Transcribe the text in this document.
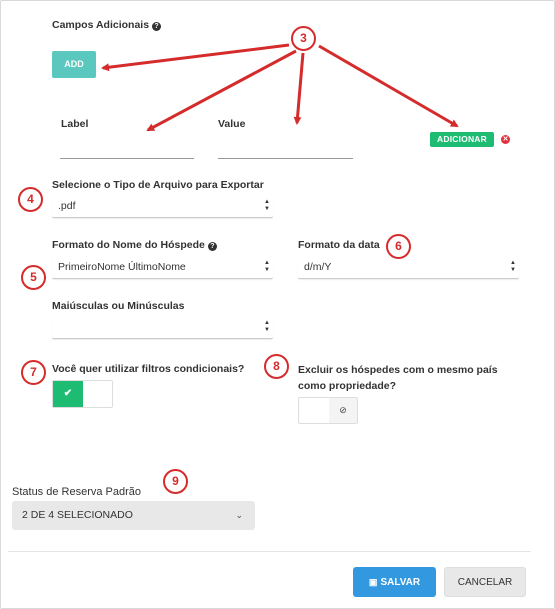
Campos Adicionais ?
ADD
Label	Value
ADICIONAR	✕
Selecione o Tipo de Arquivo para Exportar
.pdf	▲
▼
Formato do Nome do Hóspede ?
PrimeiroNome ÚltimoNome	▲
▼
Formato da data
d/m/Y	▲
▼
Maiúsculas ou Minúsculas
▲
▼
Você quer utilizar filtros condicionais?
✔
Excluir os hóspedes com o mesmo país como propriedade?
⊘
Status de Reserva Padrão
2 DE 4 SELECIONADO	⌄
▣ SALVAR	CANCELAR
3
4
5
6
7	8
9
